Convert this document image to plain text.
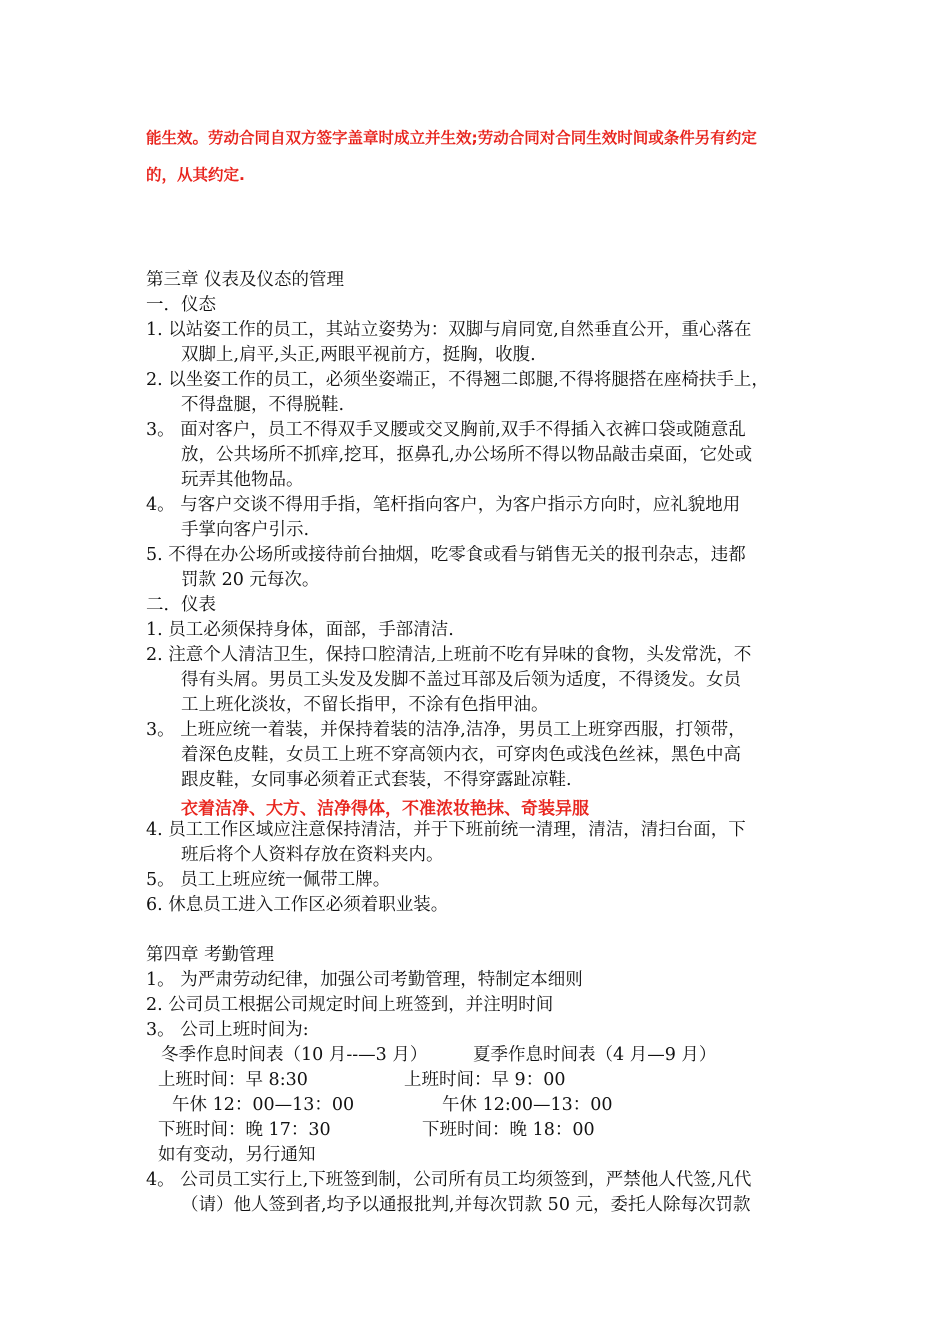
能生效。劳动合同自双方签字盖章时成立并生效;劳动合同对合同生效时间或条件另有约定
的，从其约定.
第三章 仪表及仪态的管理
一．仪态
1. 以站姿工作的员工，其站立姿势为：双脚与肩同宽,自然垂直公开，重心落在
双脚上,肩平,头正,两眼平视前方，挺胸，收腹.
2. 以坐姿工作的员工，必须坐姿端正，不得翘二郎腿,不得将腿搭在座椅扶手上，
不得盘腿，不得脱鞋.
3。 面对客户，员工不得双手叉腰或交叉胸前,双手不得插入衣裤口袋或随意乱
放，公共场所不抓痒,挖耳，抠鼻孔,办公场所不得以物品敲击桌面，它处或
玩弄其他物品。
4。 与客户交谈不得用手指，笔杆指向客户，为客户指示方向时，应礼貌地用
手掌向客户引示.
5. 不得在办公场所或接待前台抽烟，吃零食或看与销售无关的报刊杂志，违都
罚款 20 元每次。
二．仪表
1. 员工必须保持身体，面部，手部清洁.
2. 注意个人清洁卫生，保持口腔清洁,上班前不吃有异味的食物，头发常洗，不
得有头屑。男员工头发及发脚不盖过耳部及后领为适度，不得烫发。女员
工上班化淡妆，不留长指甲，不涂有色指甲油。
3。 上班应统一着装，并保持着装的洁净,洁净，男员工上班穿西服，打领带，
着深色皮鞋，女员工上班不穿高领内衣，可穿肉色或浅色丝袜，黑色中高
跟皮鞋，女同事必须着正式套装，不得穿露趾凉鞋.
衣着洁净、大方、洁净得体，不准浓妆艳抹、奇装异服
4. 员工工作区域应注意保持清洁，并于下班前统一清理，清洁，清扫台面，下
班后将个人资料存放在资料夹内。
5。 员工上班应统一佩带工牌。
6. 休息员工进入工作区必须着职业装。
第四章 考勤管理
1。 为严肃劳动纪律，加强公司考勤管理，特制定本细则
2. 公司员工根据公司规定时间上班签到，并注明时间
3。 公司上班时间为:
冬季作息时间表（10 月--—3 月）	夏季作息时间表（4 月—9 月）
上班时间：早 8:30	上班时间：早 9：00
午休 12：00—13：00	午休 12:00—13：00
下班时间：晚 17：30	下班时间：晚 18：00
如有变动，另行通知
4。 公司员工实行上,下班签到制，公司所有员工均须签到，严禁他人代签,凡代
（请）他人签到者,均予以通报批判,并每次罚款 50 元，委托人除每次罚款
